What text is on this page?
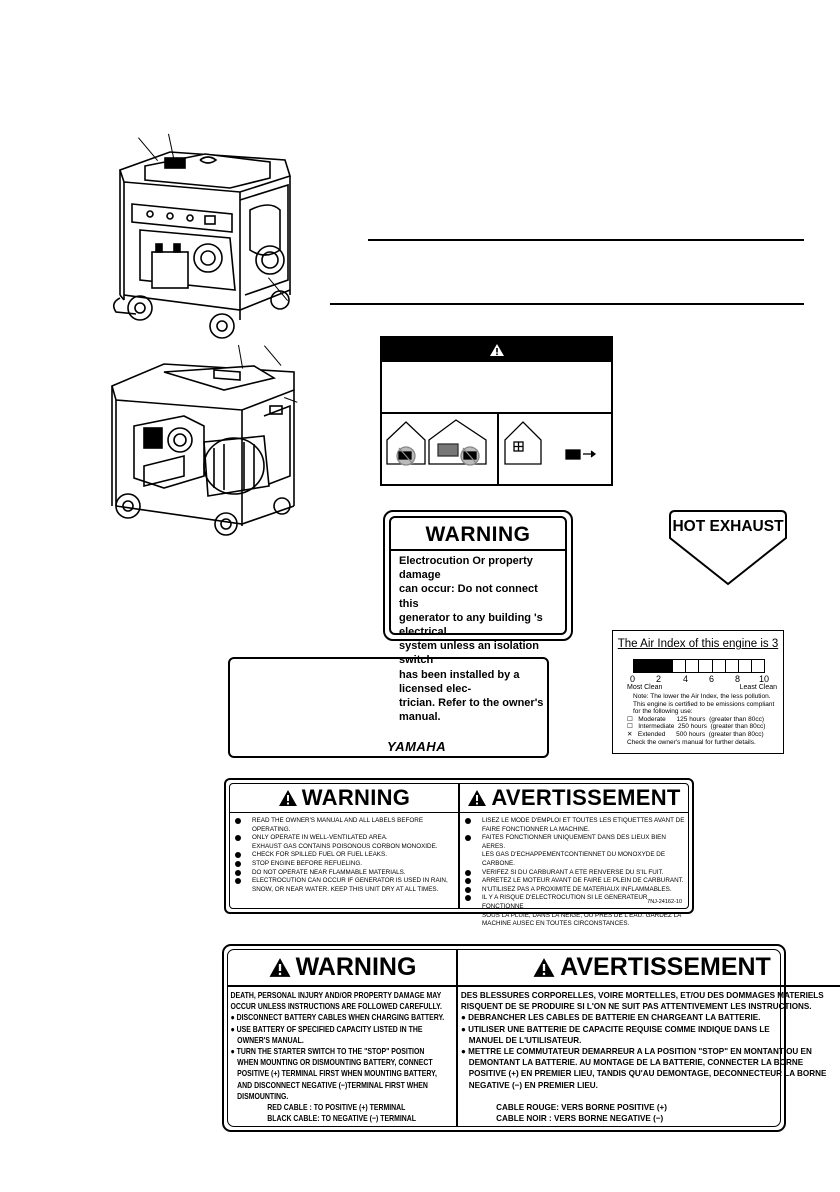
WARNING
Electrocution Or property damage
can occur: Do not connect this
generator to any building 's electrical
system unless an isolation switch
has been installed by a licensed elec-
trician. Refer to the owner's manual.
HOT EXHAUST
The Air Index of this engine is 3
0 2 4 6 8 10
Most Clean	Least Clean
Note: The lower the Air Index, the less pollution.
This engine is certified to be emissions compliant
for the following use:
☐   Moderate      125 hours  (greater than 80cc)
☐   Intermediate  250 hours  (greater than 80cc)
✕   Extended      500 hours  (greater than 80cc)
Check the owner's manual for further details.
YAMAHA
WARNING
READ THE OWNER'S MANUAL AND ALL LABELS BEFORE
OPERATING.
ONLY OPERATE IN WELL-VENTILATED AREA.
EXHAUST GAS CONTAINS POISONOUS CORBON MONOXIDE.
CHECK FOR SPILLED FUEL OR FUEL LEAKS.
STOP ENGINE BEFORE REFUELING.
DO NOT OPERATE NEAR FLAMMABLE MATERIALS.
ELECTROCUTION CAN OCCUR IF GENERATOR IS USED IN RAIN,
SNOW, OR NEAR WATER. KEEP THIS UNIT DRY AT ALL TIMES.
AVERTISSEMENT
LISEZ LE MODE D'EMPLOI ET TOUTES LES ETIQUETTES AVANT DE
FAIRE FONCTIONNER LA MACHINE.
FAITES FONCTIONNER UNIQUEMENT DANS DES LIEUX BIEN AERES.
LES GAS D'ECHAPPEMENTCONTIENNET DU MONOXYDE DE
CARBONE.
VERIFEZ SI DU CARBURANT A ETE RENVERSE DU S'IL FUIT.
ARRETEZ LE MOTEUR AVANT DE FAIRE LE PLEIN DE CARBURANT.
N'UTILISEZ PAS A PROXIMITE DE MATERIAUX INFLAMMABLES.
IL Y A RISQUE D'ELECTROCUTION SI LE GENERATEUR FONCTIONNE
SOUS LA PLUIE, DANS LA NEIGE, OU PRES DE L'EAU. GARDEZ LA
MACHINE AUSEC EN TOUTES CIRCONSTANCES.
7NJ-24162-10
WARNING
DEATH, PERSONAL INJURY AND/OR PROPERTY DAMAGE MAY
OCCUR UNLESS INSTRUCTIONS ARE FOLLOWED CAREFULLY.
● DISCONNECT BATTERY CABLES WHEN CHARGING BATTERY.
● USE BATTERY OF SPECIFIED CAPACITY LISTED IN THE
OWNER'S MANUAL.
● TURN THE STARTER SWITCH TO THE "STOP" POSITION
WHEN MOUNTING OR DISMOUNTING BATTERY, CONNECT
POSITIVE (+) TERMINAL FIRST WHEN MOUNTING BATTERY,
AND DISCONNECT NEGATIVE (−)TERMINAL FIRST WHEN
DISMOUNTING.
RED CABLE : TO POSITIVE (+) TERMINAL
BLACK CABLE: TO NEGATIVE (−) TERMINAL
AVERTISSEMENT
DES BLESSURES CORPORELLES, VOIRE MORTELLES, ET/OU DES DOMMAGES MATERIELS
RISQUENT DE SE PRODUIRE SI L'ON NE SUIT PAS ATTENTIVEMENT LES INSTRUCTIONS.
● DEBRANCHER LES CABLES DE BATTERIE EN CHARGEANT LA BATTERIE.
● UTILISER UNE BATTERIE DE CAPACITE REQUISE COMME INDIQUE DANS LE
MANUEL DE L'UTILISATEUR.
● METTRE LE COMMUTATEUR DEMARREUR A LA POSITION "STOP" EN MONTANT OU EN
DEMONTANT LA BATTERIE. AU MONTAGE DE LA BATTERIE, CONNECTER LA BORNE
POSITIVE (+) EN PREMIER LIEU, TANDIS QU'AU DEMONTAGE, DECONNECTEUR LA BORNE
NEGATIVE (−) EN PREMIER LIEU.

CABLE ROUGE: VERS BORNE POSITIVE (+)
CABLE NOIR : VERS BORNE NEGATIVE (−)
